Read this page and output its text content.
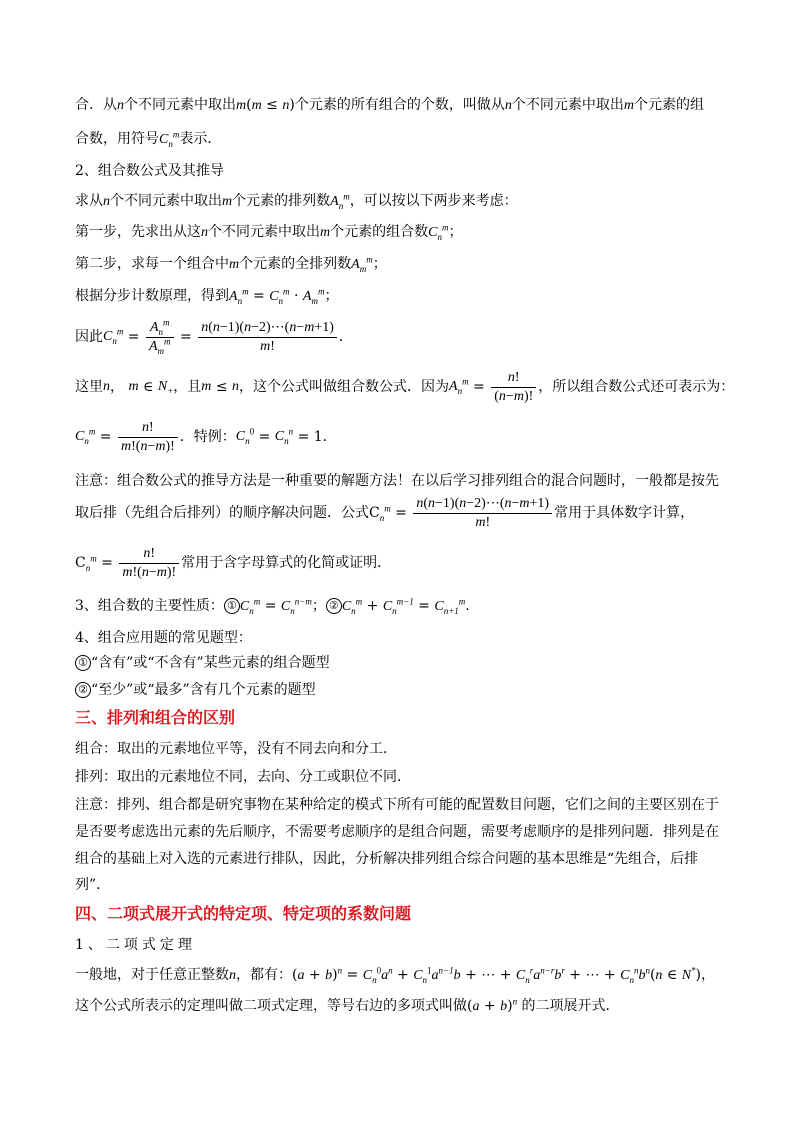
合．从n个不同元素中取出m(m ≤ n)个元素的所有组合的个数，叫做从n个不同元素中取出m个元素的组
合数，用符号$C_n^m$表示．
2、组合数公式及其推导
求从n个不同元素中取出m个元素的排列数$A_n^m$，可以按以下两步来考虑：
第一步，先求出从这n个不同元素中取出m个元素的组合数$C_n^m$；
第二步，求每一个组合中m个元素的全排列数$A_m^m$；
根据分步计数原理，得到$A_n^m = C_n^m \cdot A_m^m$；
因此$C_n^m = \frac{A_n^m}{A_m^m} = \frac{n(n-1)(n-2)\cdots(n-m+1)}{m!}$ ．
这里n， m ∈ $N_+$，且m ≤ n，这个公式叫做组合数公式．因为$A_n^m = \frac{n!}{(n-m)!}$ ，所以组合数公式还可表示为：
$C_n^m = \frac{n!}{m!(n-m)!}$ ．特例：$C_n^0 = C_n^n = 1$．
注意：组合数公式的推导方法是一种重要的解题方法！在以后学习排列组合的混合问题时，一般都是按先
取后排（先组合后排列）的顺序解决问题．公式$C_n^m = \frac{n(n-1)(n-2)\cdots(n-m+1)}{m!}$ 常用于具体数字计算，
$C_n^m = \frac{n!}{m!(n-m)!}$ 常用于含字母算式的化简或证明．
3、组合数的主要性质： ① $C_n^m = C_n^{n-m}$； ② $C_n^m + C_n^{m-1} = C_{n+1}^m$．
4、组合应用题的常见题型：
① “含有”或“不含有”某些元素的组合题型
② “至少”或“最多”含有几个元素的题型
三、排列和组合的区别
组合：取出的元素地位平等，没有不同去向和分工．
排列：取出的元素地位不同，去向、分工或职位不同．
注意：排列、组合都是研究事物在某种给定的模式下所有可能的配置数目问题，它们之间的主要区别在于
是否要考虑选出元素的先后顺序，不需要考虑顺序的是组合问题，需要考虑顺序的是排列问题．排列是在
组合的基础上对入选的元素进行排队，因此，分析解决排列组合综合问题的基本思维是“先组合，后排
列”．
四、二项式展开式的特定项、特定项的系数问题
1、二项式定理
一般地，对于任意正整数n，都有：$(a + b)^n = C_n^0a^n + C_n^1a^{n-1}b$ + ⋯ + $C_n^ra^{n-r}b^r$ + ⋯ + $C_n^nb^n(n$ ∈ N*)，
这个公式所表示的定理叫做二项式定理，等号右边的多项式叫做$(a + b)^n$ 的二项展开式．
